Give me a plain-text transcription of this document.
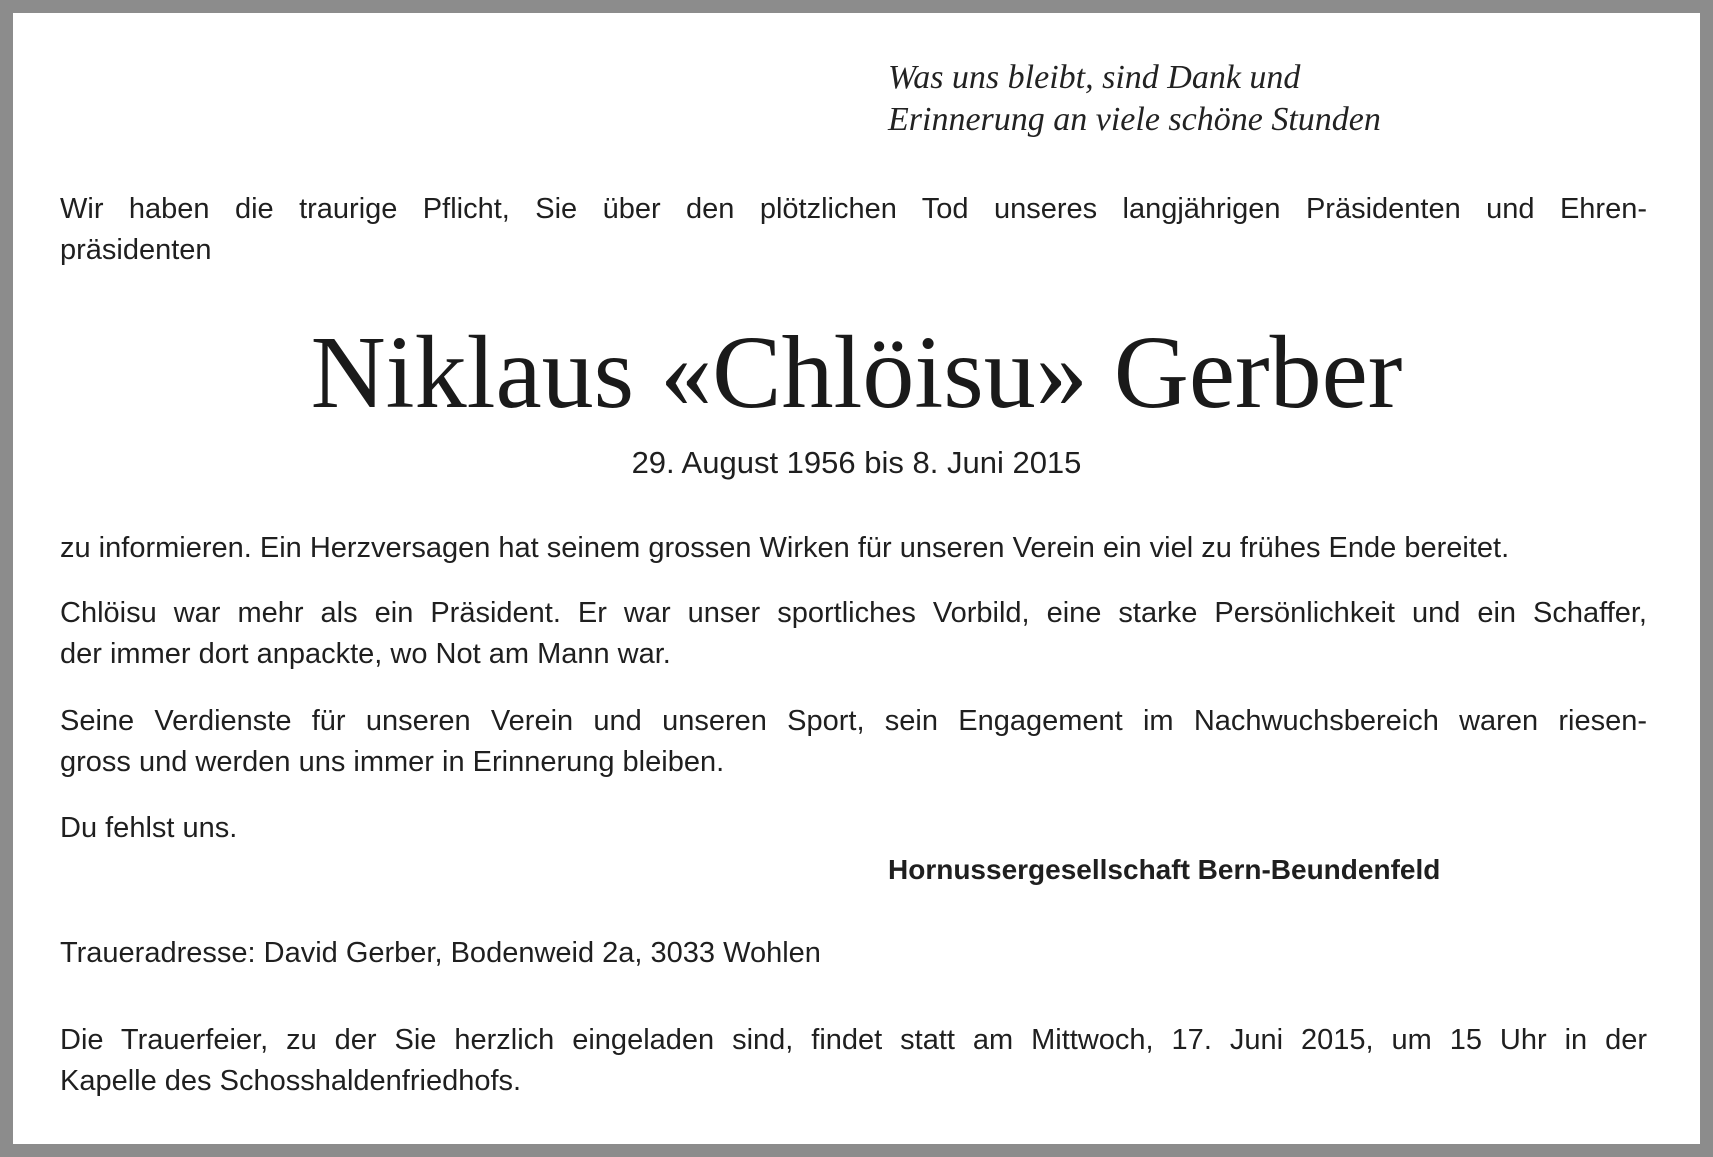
Was uns bleibt, sind Dank und
Erinnerung an viele schöne Stunden
Wir haben die traurige Pflicht, Sie über den plötzlichen Tod unseres langjährigen Präsidenten und Ehren-
präsidenten
Niklaus «Chlöisu» Gerber
29. August 1956 bis 8. Juni 2015
zu informieren. Ein Herzversagen hat seinem grossen Wirken für unseren Verein ein viel zu frühes Ende bereitet.
Chlöisu war mehr als ein Präsident. Er war unser sportliches Vorbild, eine starke Persönlichkeit und ein Schaffer,
der immer dort anpackte, wo Not am Mann war.
Seine Verdienste für unseren Verein und unseren Sport, sein Engagement im Nachwuchsbereich waren riesen-
gross und werden uns immer in Erinnerung bleiben.
Du fehlst uns.
Hornussergesellschaft Bern-Beundenfeld
Traueradresse: David Gerber, Bodenweid 2a, 3033 Wohlen
Die Trauerfeier, zu der Sie herzlich eingeladen sind, findet statt am Mittwoch, 17. Juni 2015, um 15 Uhr in der
Kapelle des Schosshaldenfriedhofs.
